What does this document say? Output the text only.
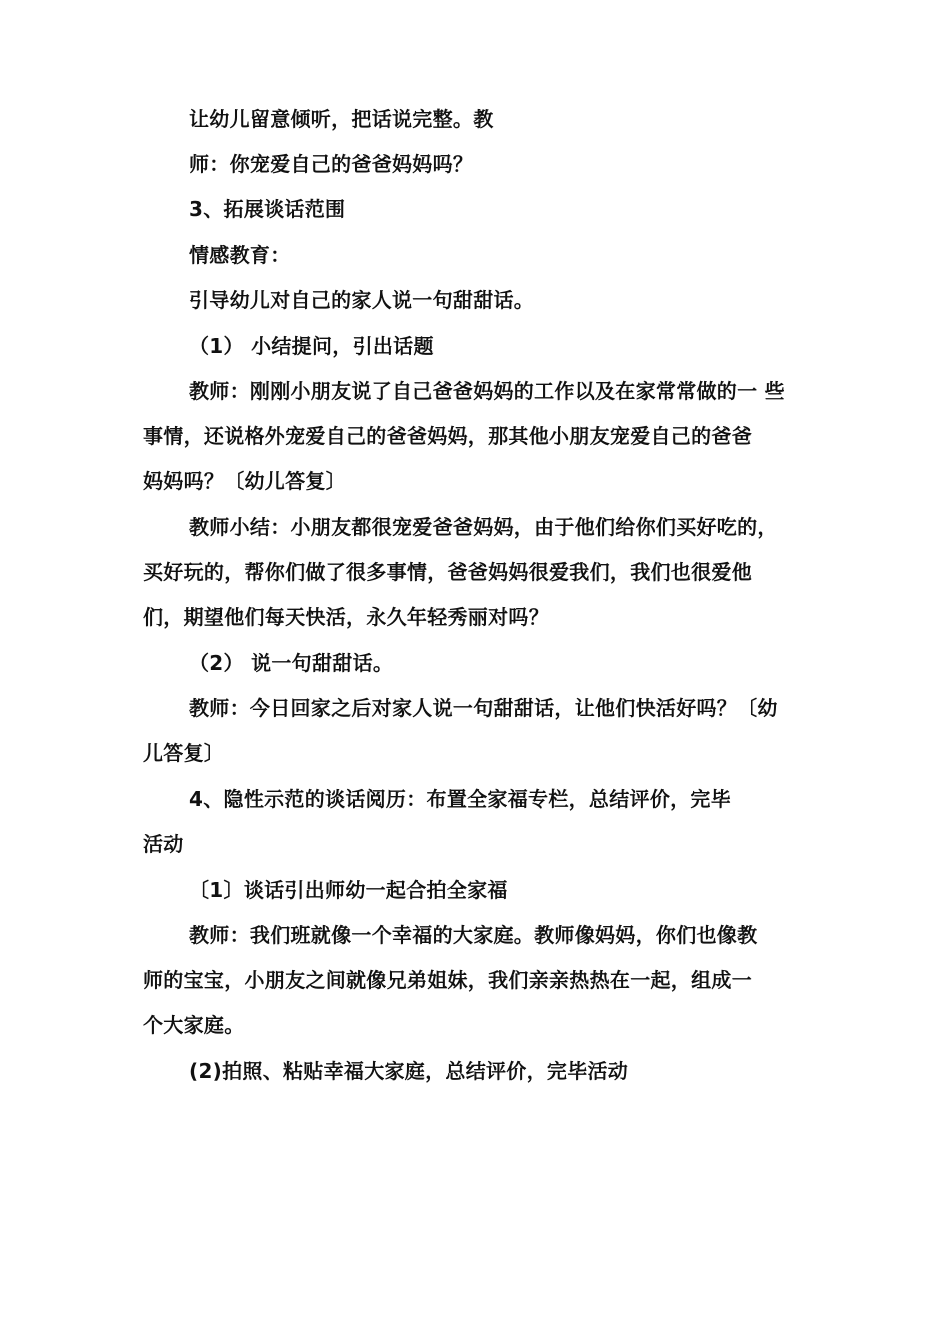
让幼儿留意倾听，把话说完整。教
师：你宠爱自己的爸爸妈妈吗？
3、拓展谈话范围
情感教育：
引导幼儿对自己的家人说一句甜甜话。
（1） 小结提问，引出话题
教师：刚刚小朋友说了自己爸爸妈妈的工作以及在家常常做的一 些
事情，还说格外宠爱自己的爸爸妈妈，那其他小朋友宠爱自己的爸爸
妈妈吗？〔幼儿答复〕
教师小结：小朋友都很宠爱爸爸妈妈，由于他们给你们买好吃的，
买好玩的，帮你们做了很多事情，爸爸妈妈很爱我们，我们也很爱他
们，期望他们每天快活，永久年轻秀丽对吗？
（2） 说一句甜甜话。
教师：今日回家之后对家人说一句甜甜话，让他们快活好吗？〔幼
儿答复〕
4、隐性示范的谈话阅历：布置全家福专栏，总结评价，完毕
活动
〔1〕谈话引出师幼一起合拍全家福
教师：我们班就像一个幸福的大家庭。教师像妈妈，你们也像教
师的宝宝，小朋友之间就像兄弟姐妹，我们亲亲热热在一起，组成一
个大家庭。
(2)拍照、粘贴幸福大家庭，总结评价，完毕活动
